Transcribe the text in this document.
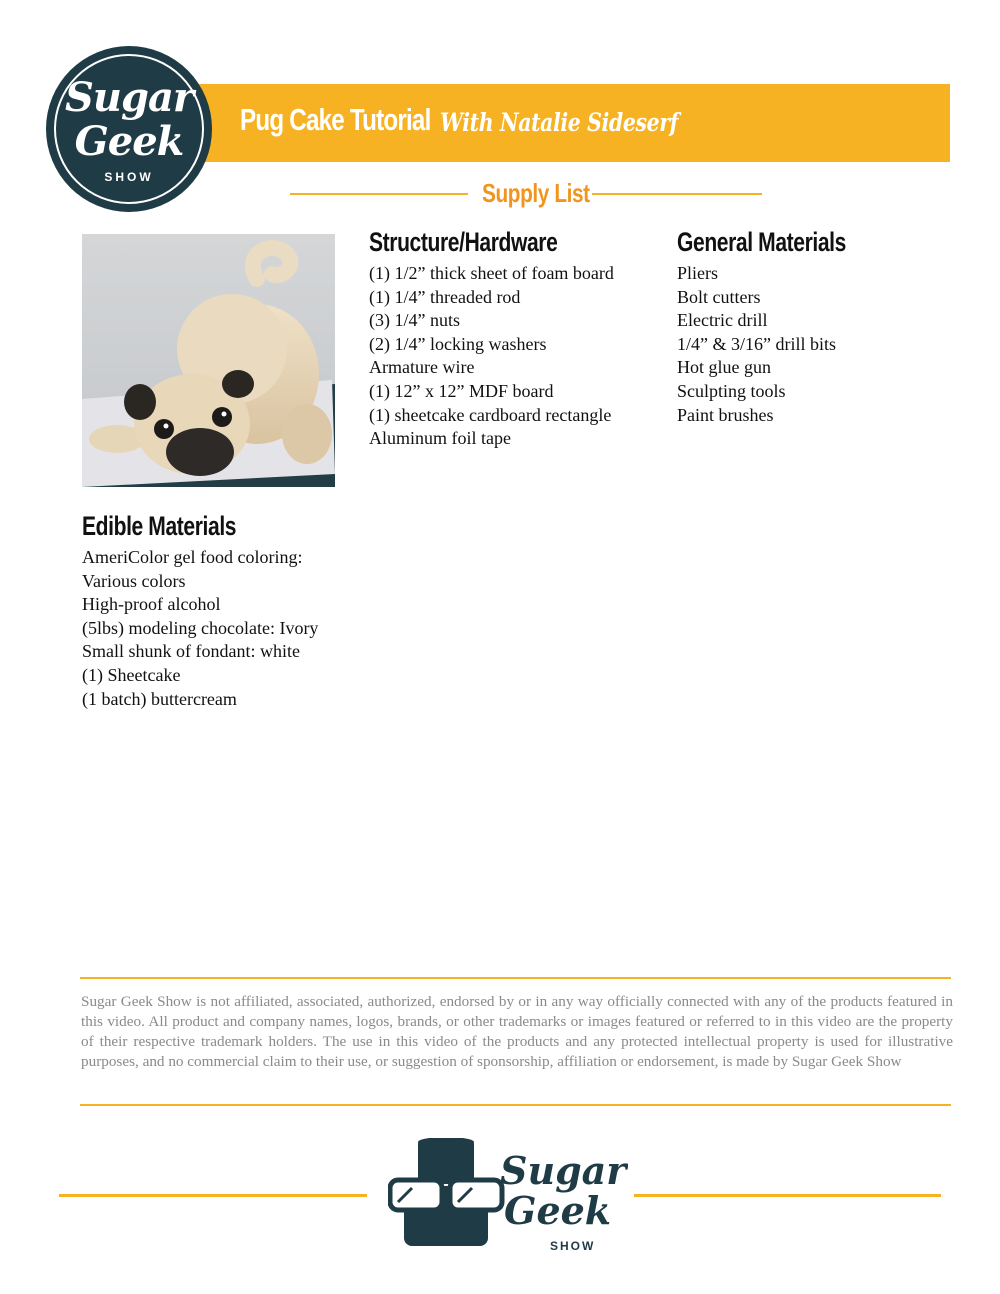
Pug Cake Tutorial With Natalie Sideserf
Sugar
Geek
SHOW
Supply List
Structure/Hardware
(1) 1/2” thick sheet of foam board
(1) 1/4” threaded rod
(3) 1/4” nuts
(2) 1/4” locking washers
Armature wire
(1) 12” x 12” MDF board
(1) sheetcake cardboard rectangle
Aluminum foil tape
General Materials
Pliers
Bolt cutters
Electric drill
1/4” & 3/16” drill bits
Hot glue gun
Sculpting tools
Paint brushes
Edible Materials
AmeriColor gel food coloring:
Various colors
High-proof alcohol
(5lbs) modeling chocolate: Ivory
Small shunk of fondant: white
(1) Sheetcake
(1 batch) buttercream

Sugar Geek Show is not affiliated, associated, authorized, endorsed by or in any way officially connected with any of the products featured in this video. All product and company names, logos, brands, or other trademarks or images featured or referred to in this video are the property of their respective trademark holders. The use in this video of the products and any protected intellectual property is used for illustrative purposes, and no commercial claim to their use, or suggestion of sponsorship, affiliation or endorsement, is made by Sugar Geek Show

Sugar
Geek
SHOW
